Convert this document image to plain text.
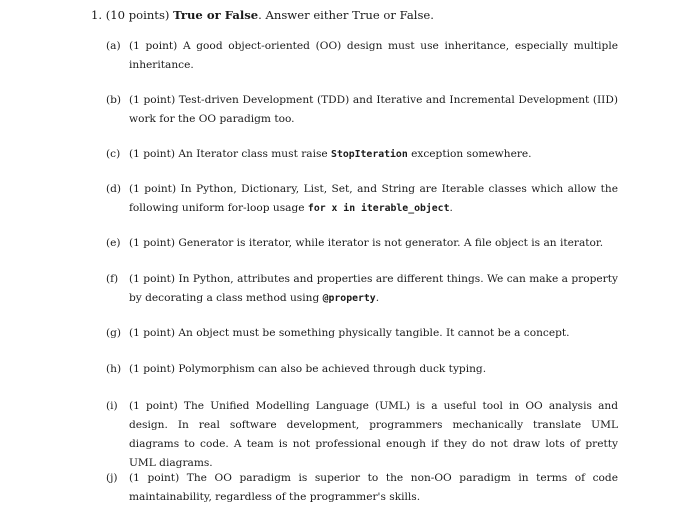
1. (10 points) True or False. Answer either True or False.
(a) (1 point) A good object-oriented (OO) design must use inheritance, especially multiple inheritance.
(b) (1 point) Test-driven Development (TDD) and Iterative and Incremental Development (IID) work for the OO paradigm too.
(c) (1 point) An Iterator class must raise StopIteration exception somewhere.
(d) (1 point) In Python, Dictionary, List, Set, and String are Iterable classes which allow the following uniform for-loop usage for x in iterable_object.
(e) (1 point) Generator is iterator, while iterator is not generator. A file object is an iterator.
(f) (1 point) In Python, attributes and properties are different things. We can make a property by decorating a class method using @property.
(g) (1 point) An object must be something physically tangible. It cannot be a concept.
(h) (1 point) Polymorphism can also be achieved through duck typing.
(i) (1 point) The Unified Modelling Language (UML) is a useful tool in OO analysis and design. In real software development, programmers mechanically translate UML diagrams to code. A team is not professional enough if they do not draw lots of pretty UML diagrams.
(j) (1 point) The OO paradigm is superior to the non-OO paradigm in terms of code maintainability, regardless of the programmer's skills.
